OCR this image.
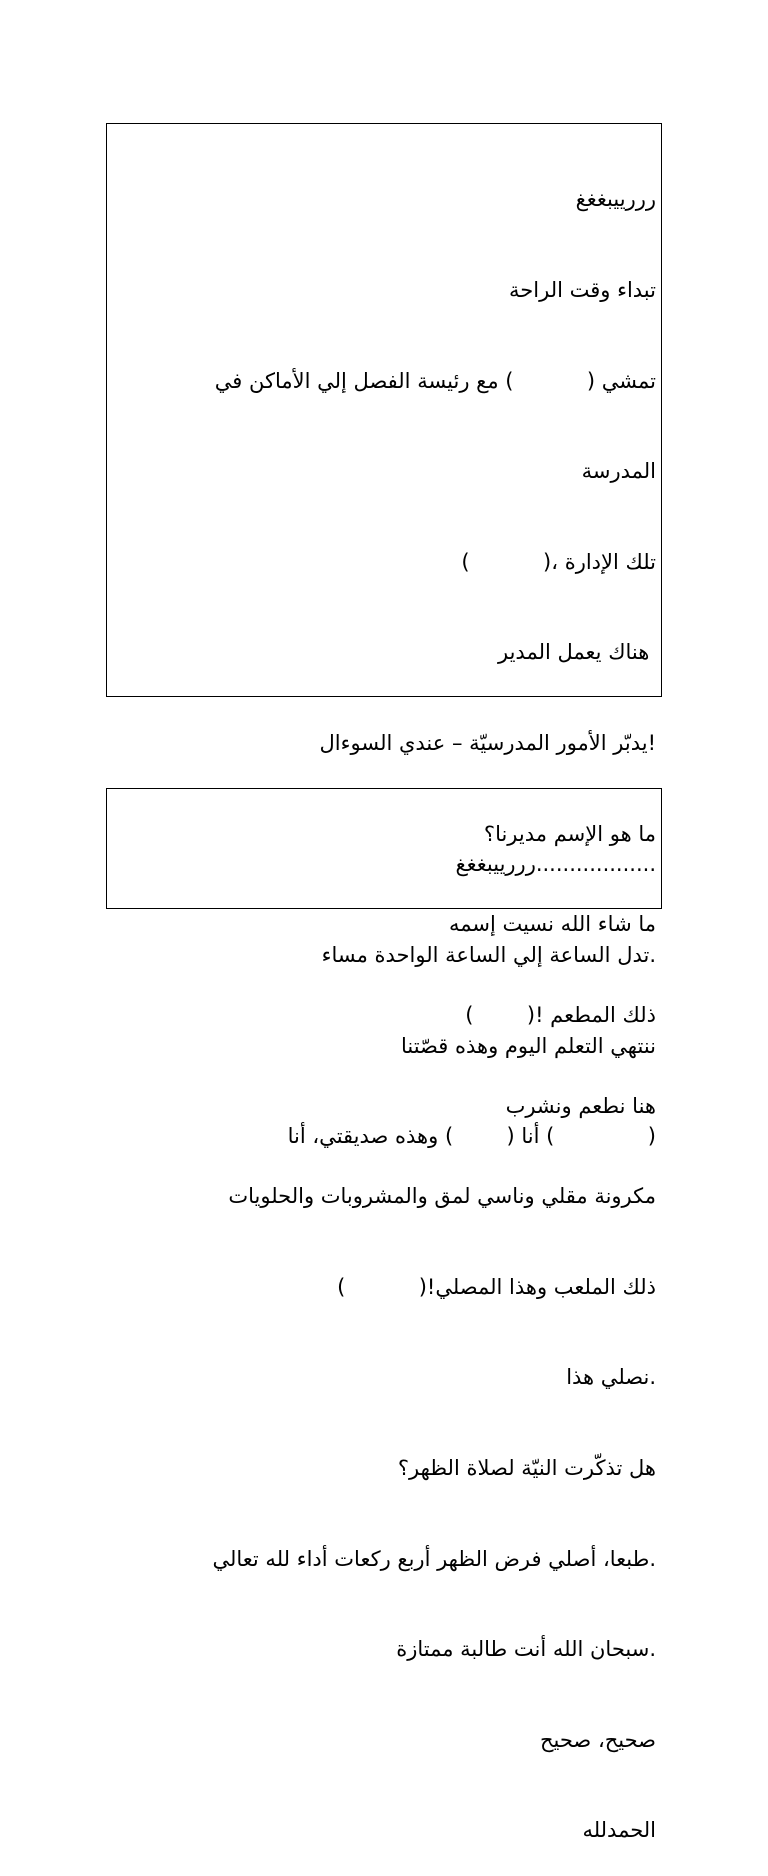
رررييبغغغ

تبداء وقت الراحة

تمشي (           ) مع رئيسة الفصل إلي الأماكن في

المدرسة

تلك الإدارة ،(           )

هناك يعمل المدير

!يدبّر الأمور المدرسيّة – عندي السوءال

ما هو الإسم مديرنا؟

ما شاء الله نسيت إسمه

ذلك المطعم !(        )

هنا نطعم ونشرب

مكرونة مقلي وناسي لمق والمشروبات والحلويات

ذلك الملعب وهذا المصلي!(           )

.نصلي هذا

هل تذكّرت النيّة لصلاة الظهر؟

.طبعا، أصلي فرض الظهر أربع ركعات أداء لله تعالي

.سبحان الله أنت طالبة ممتازة

صحيح، صحيح

الحمدلله

..................رررييبغغغ

.تدل الساعة إلي الساعة الواحدة مساء

ننتهي التعلم اليوم وهذه قصّتنا

(              ) أنا (        ) وهذه صديقتي، أنا
